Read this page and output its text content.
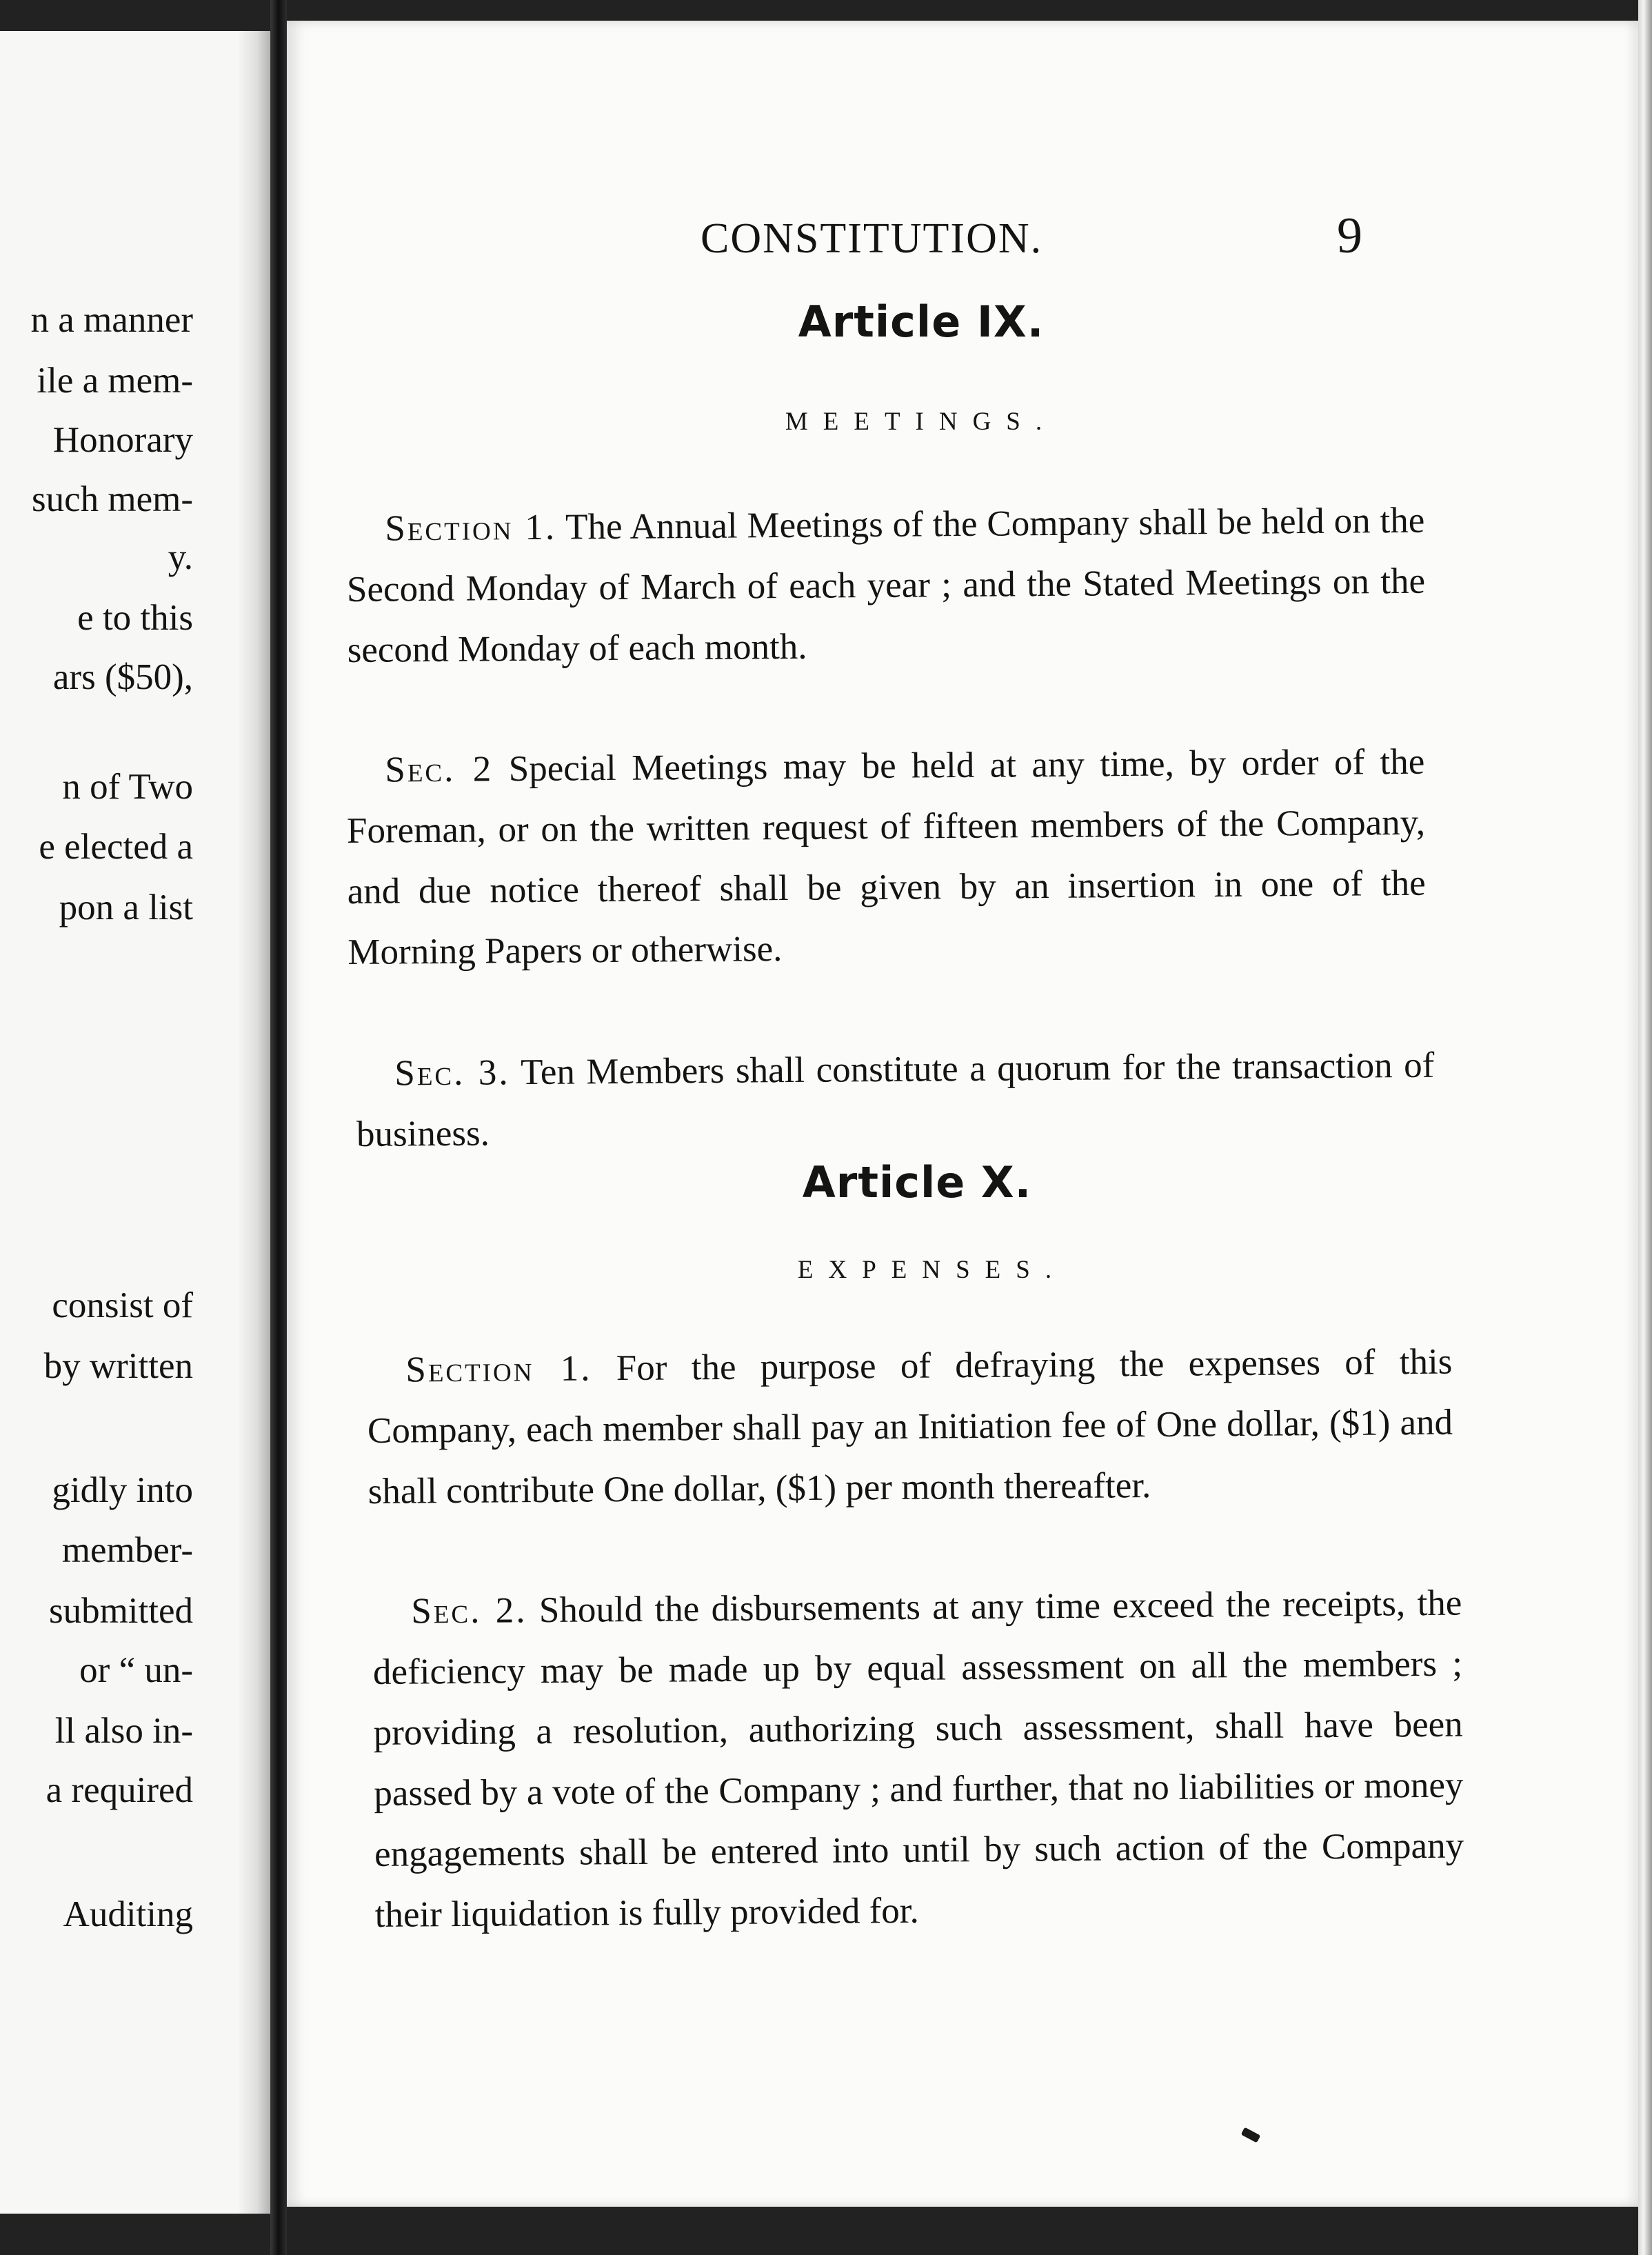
n a manner
ile a mem-
Honorary
such mem-
y.
e to this
ars ($50),
n of Two
e elected a
pon a list
consist of
by written
gidly into
member-
submitted
or “ un-
ll also in-
a required
Auditing
CONSTITUTION.	9
Article IX.
MEETINGS.

Section 1. The Annual Meetings of the Company shall be held on the Second Monday of March of each year ; and the Stated Meetings on the second Monday of each month.

Sec. 2 Special Meetings may be held at any time, by order of the Foreman, or on the written request of fifteen members of the Company, and due notice thereof shall be given by an insertion in one of the Morning Papers or otherwise.

Sec. 3. Ten Members shall constitute a quorum for the transaction of business.

Article X.
EXPENSES.

Section 1. For the purpose of defraying the expenses of this Company, each member shall pay an Initiation fee of One dollar, ($1) and shall contribute One dollar, ($1) per month thereafter.

Sec. 2. Should the disbursements at any time exceed the receipts, the deficiency may be made up by equal assessment on all the members ; providing a resolution, authorizing such assessment, shall have been passed by a vote of the Company ; and further, that no liabilities or money engagements shall be entered into until by such action of the Company their liquidation is fully provided for.
